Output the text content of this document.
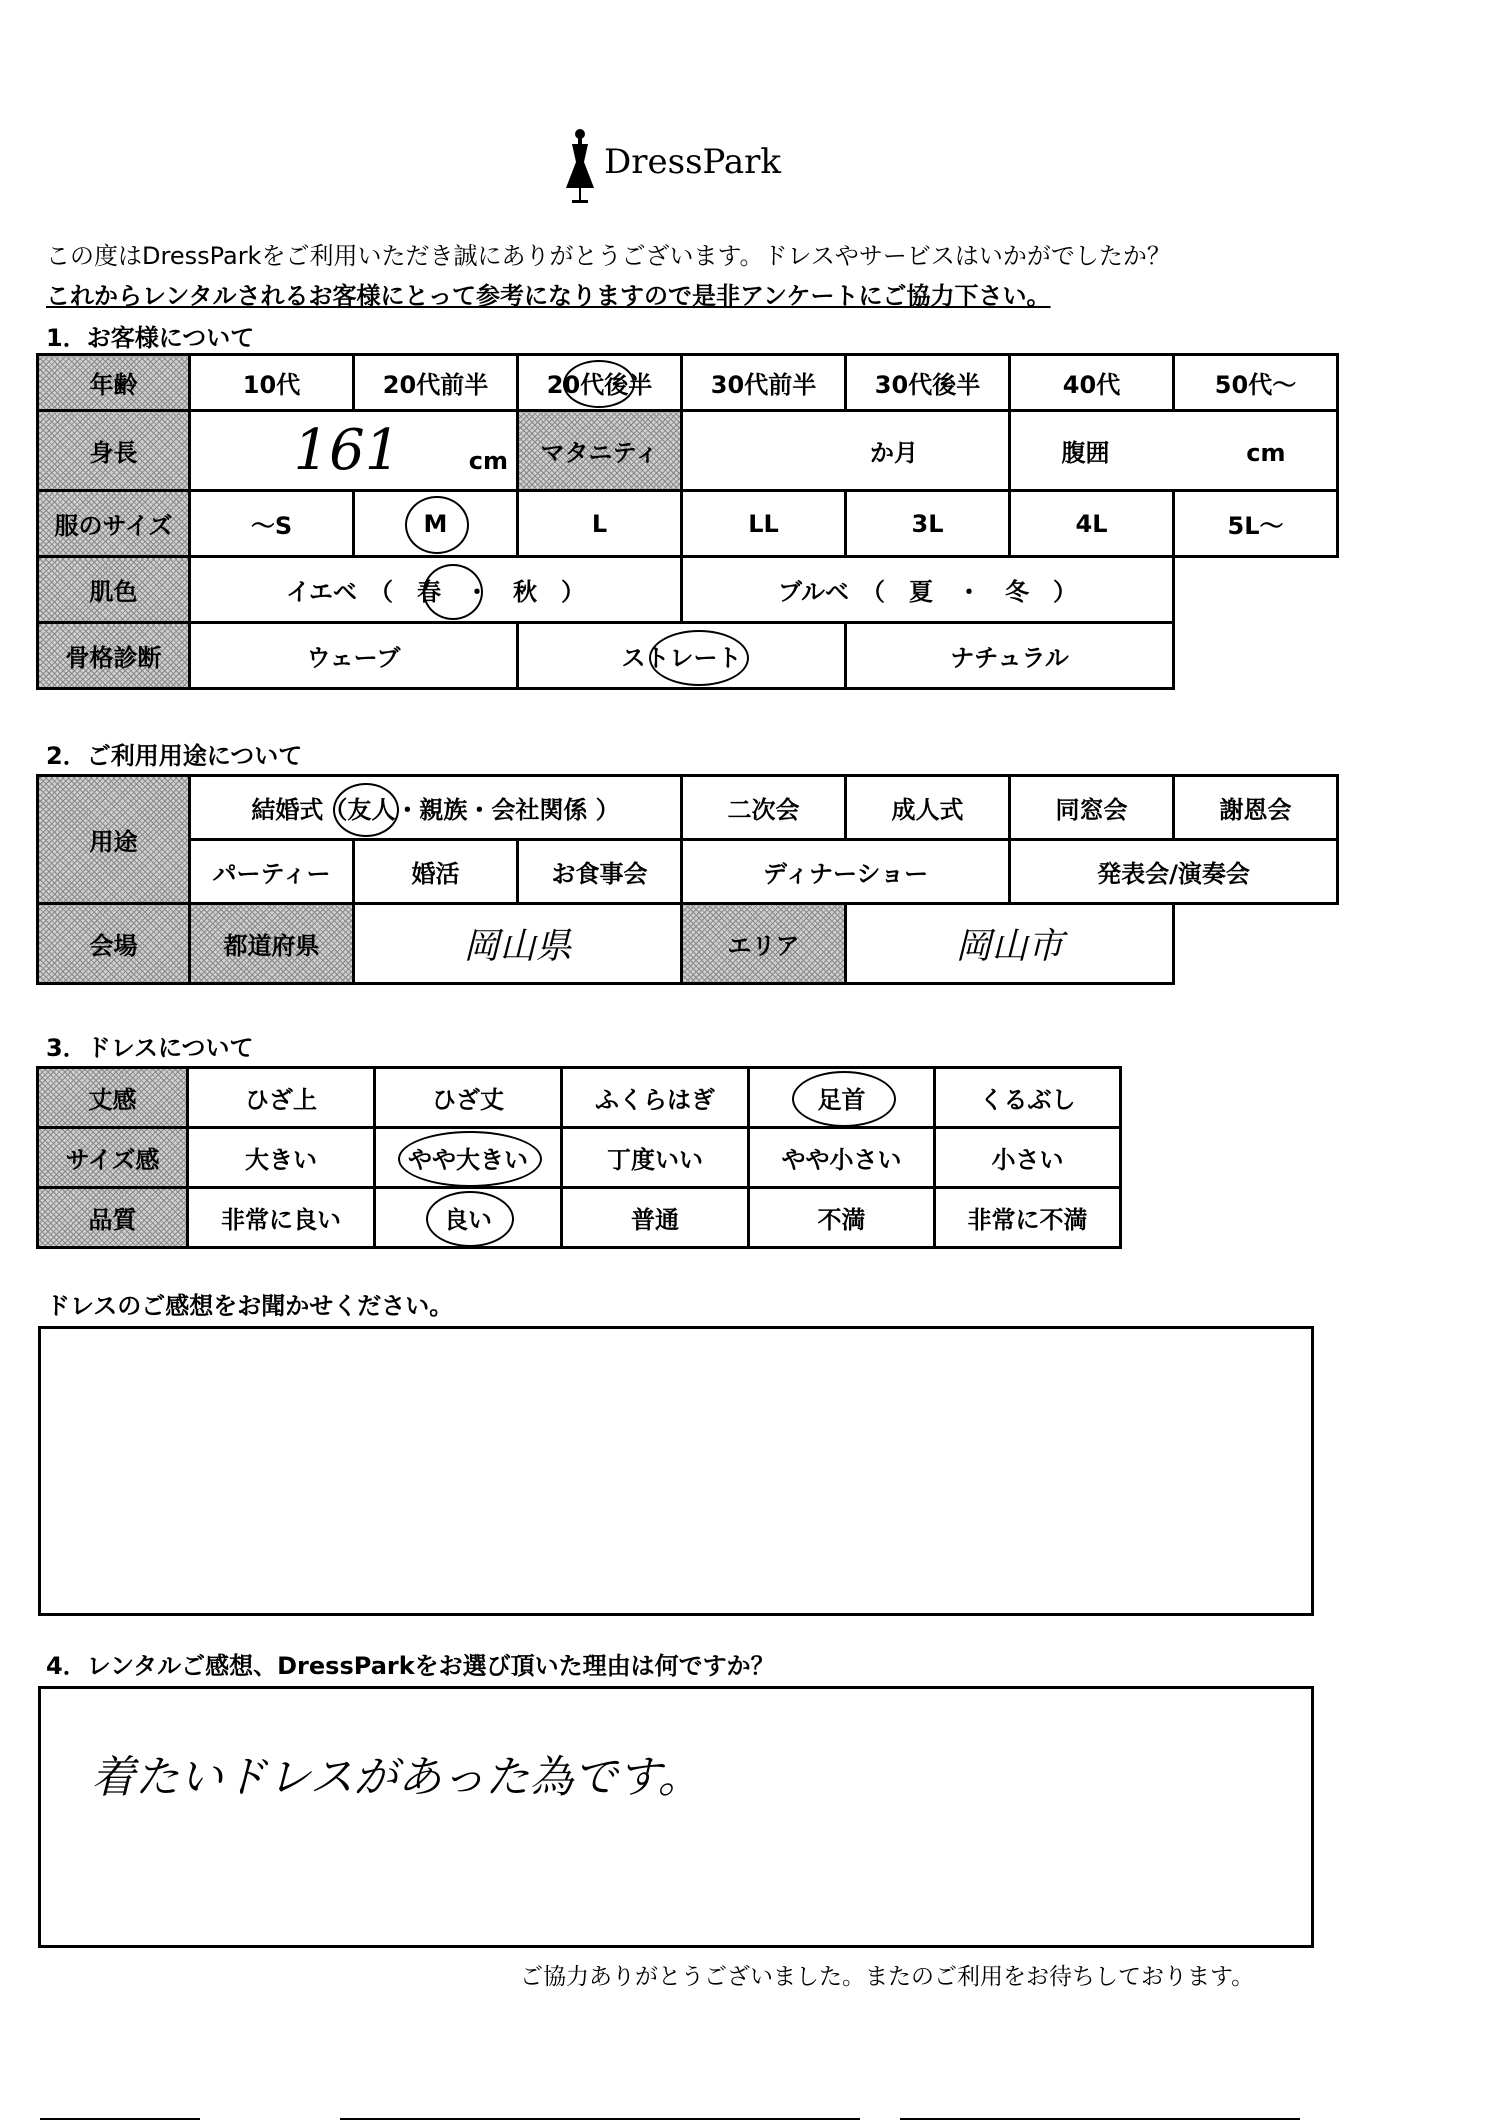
DressPark
この度はDressParkをご利用いただき誠にありがとうございます。ドレスやサービスはいかがでしたか？
これからレンタルされるお客様にとって参考になりますので是非アンケートにご協力下さい。
1．お客様について
年齢	10代	20代前半	20代後半	30代前半	30代後半	40代	50代〜
身長	161 cm		マタニティ	か月		腹囲 cm	
服のサイズ	〜S	M	L	LL	3L	4L	5L〜
肌色	イエベ　（　春　・　秋　）			ブルベ　（　夏　・　冬　）			
骨格診断	ウェーブ		ストレート		ナチュラル		
2．ご利用用途について
用途	結婚式（友人・親族・会社関係 ）			二次会	成人式	同窓会	謝恩会
	パーティー	婚活	お食事会	ディナーショー		発表会/演奏会	
会場	都道府県	岡山県		エリア	岡山市		
3．ドレスについて
丈感	ひざ上	ひざ丈	ふくらはぎ	足首	くるぶし
サイズ感	大きい	やや大きい	丁度いい	やや小さい	小さい
品質	非常に良い	良い	普通	不満	非常に不満
ドレスのご感想をお聞かせください。
4．レンタルご感想、DressParkをお選び頂いた理由は何ですか？
着たいドレスがあった為です。
ご協力ありがとうございました。またのご利用をお待ちしております。
